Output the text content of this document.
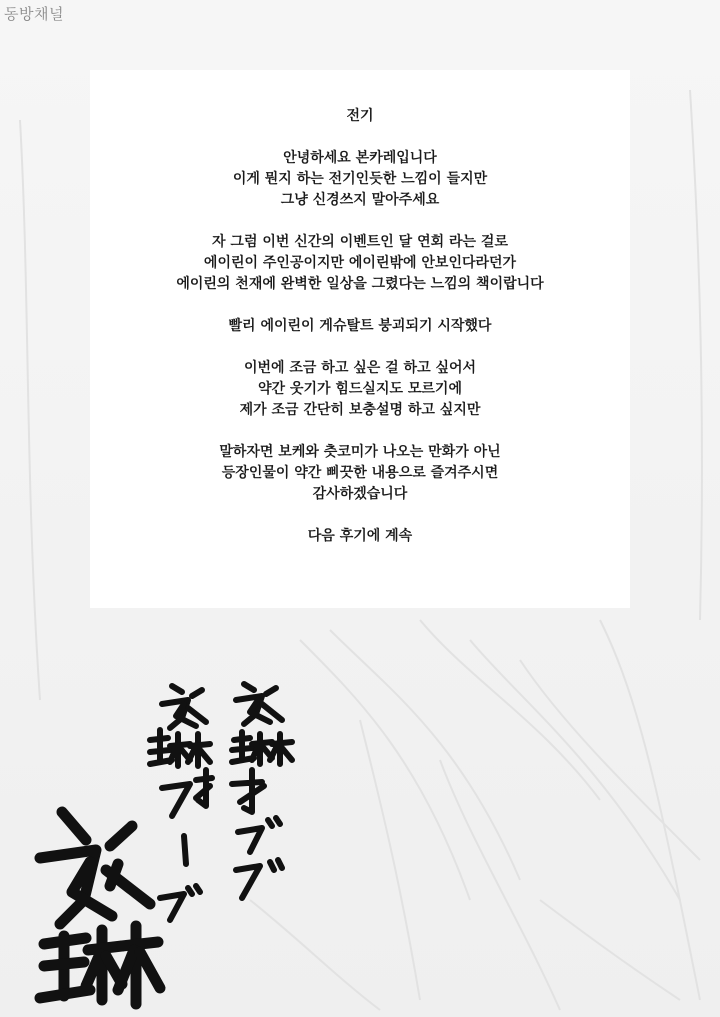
동방채널
전기
안녕하세요 본카레입니다
이게 뭔지 하는 전기인듯한 느낌이 들지만
그냥 신경쓰지 말아주세요
자 그럼 이번 신간의 이벤트인 달 연회 라는 걸로
에이린이 주인공이지만 에이린밖에 안보인다라던가
에이린의 천재에 완벽한 일상을 그렸다는 느낌의 책이랍니다
빨리 에이린이 게슈탈트 붕괴되기 시작했다
이번에 조금 하고 싶은 걸 하고 싶어서
약간 웃기가 힘드실지도 모르기에
제가 조금 간단히 보충설명 하고 싶지만
말하자면 보케와 츳코미가 나오는 만화가 아닌
등장인물이 약간 삐끗한 내용으로 즐겨주시면
감사하겠습니다
다음 후기에 계속
